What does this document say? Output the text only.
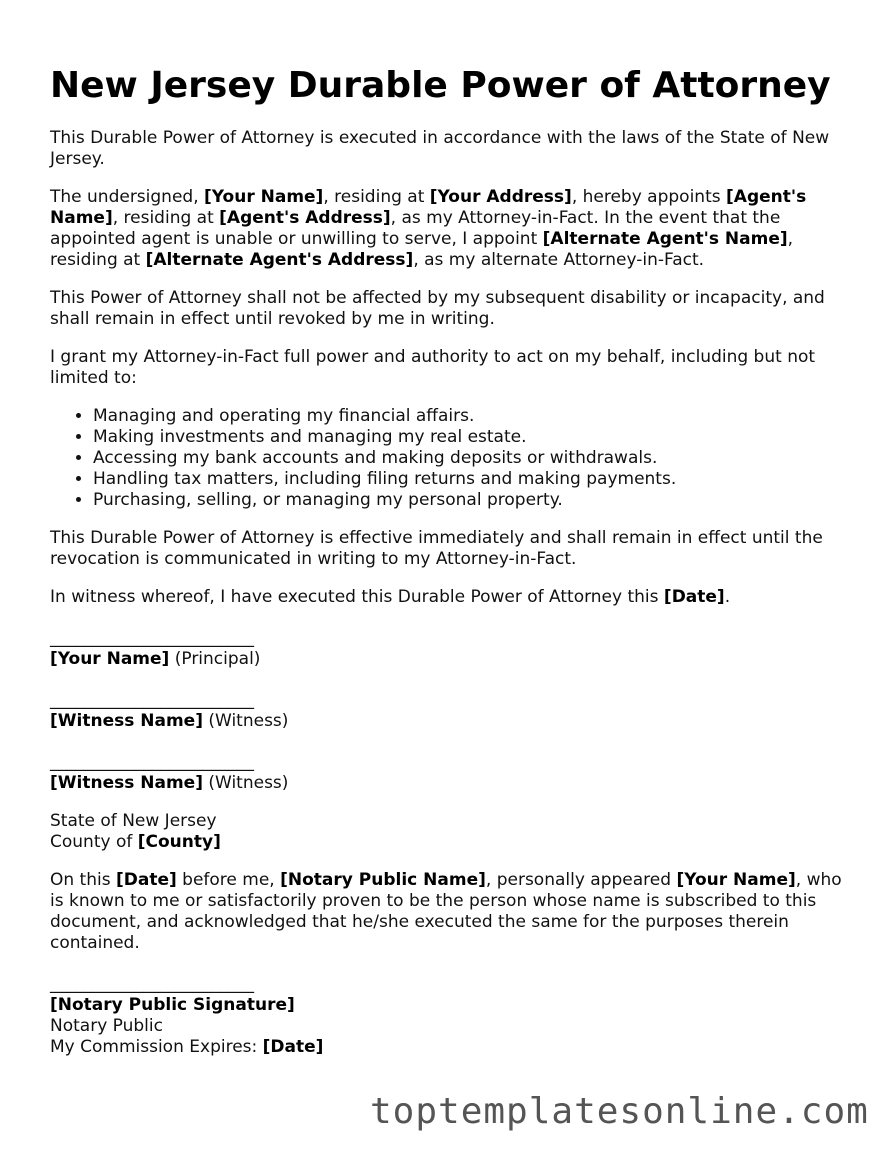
New Jersey Durable Power of Attorney

This Durable Power of Attorney is executed in accordance with the laws of the State of New Jersey.

The undersigned, [Your Name], residing at [Your Address], hereby appoints [Agent's Name], residing at [Agent's Address], as my Attorney-in-Fact. In the event that the appointed agent is unable or unwilling to serve, I appoint [Alternate Agent's Name], residing at [Alternate Agent's Address], as my alternate Attorney-in-Fact.

This Power of Attorney shall not be affected by my subsequent disability or incapacity, and shall remain in effect until revoked by me in writing.

I grant my Attorney-in-Fact full power and authority to act on my behalf, including but not limited to:

• Managing and operating my financial affairs.
• Making investments and managing my real estate.
• Accessing my bank accounts and making deposits or withdrawals.
• Handling tax matters, including filing returns and making payments.
• Purchasing, selling, or managing my personal property.

This Durable Power of Attorney is effective immediately and shall remain in effect until the revocation is communicated in writing to my Attorney-in-Fact.

In witness whereof, I have executed this Durable Power of Attorney this [Date].

________________________
[Your Name] (Principal)
________________________
[Witness Name] (Witness)
________________________
[Witness Name] (Witness)
State of New Jersey
County of [County]

On this [Date] before me, [Notary Public Name], personally appeared [Your Name], who is known to me or satisfactorily proven to be the person whose name is subscribed to this document, and acknowledged that he/she executed the same for the purposes therein contained.

________________________
[Notary Public Signature]
Notary Public
My Commission Expires: [Date]
toptemplatesonline.com
